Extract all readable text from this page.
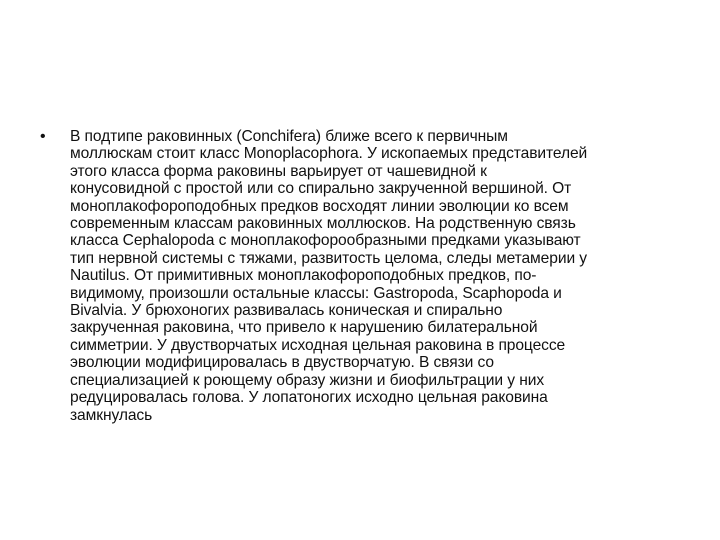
•	В подтипе раковинных (Conchifera) ближе всего к первичным
моллюскам стоит класс Monoplacophora. У ископаемых представителей
этого класса форма раковины варьирует от чашевидной к
конусовидной с простой или со спирально закрученной вершиной. От
моноплакофороподобных предков восходят линии эволюции ко всем
современным классам раковинных моллюсков. На родственную связь
класса Cephalopoda с моноплакофорообразными предками указывают
тип нервной системы с тяжами, развитость целома, следы метамерии у
Nautilus. От примитивных моноплакофороподобных предков, по-
видимому, произошли остальные классы: Gastropoda, Scaphopoda и
Bivalvia. У брюхоногих развивалась коническая и спирально
закрученная раковина, что привело к нарушению билатеральной
симметрии. У двустворчатых исходная цельная раковина в процессе
эволюции модифицировалась в двустворчатую. В связи со
специализацией к роющему образу жизни и биофильтрации у них
редуцировалась голова. У лопатоногих исходно цельная раковина
замкнулась
